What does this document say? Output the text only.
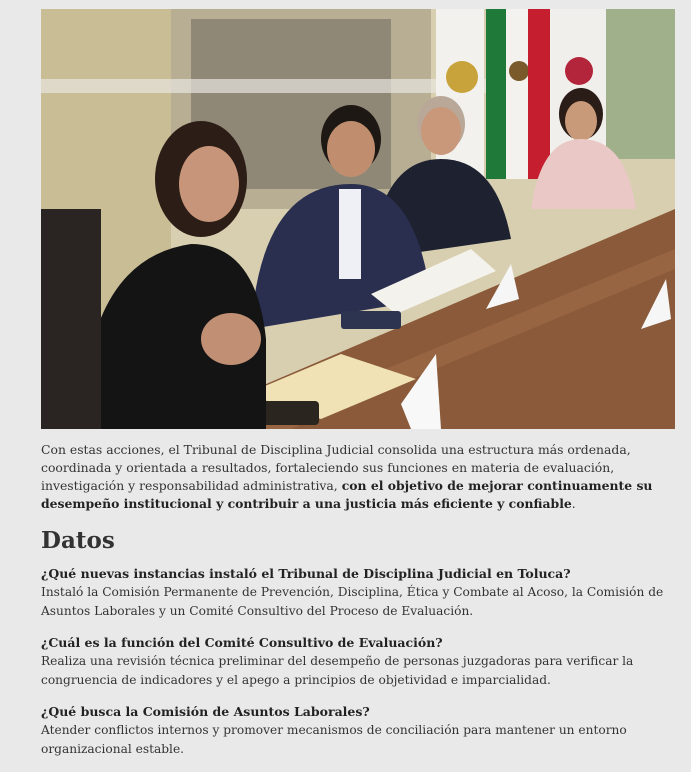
Con estas acciones, el Tribunal de Disciplina Judicial consolida una estructura más ordenada, coordinada y orientada a resultados, fortaleciendo sus funciones en materia de evaluación, investigación y responsabilidad administrativa, con el objetivo de mejorar continuamente su desempeño institucional y contribuir a una justicia más eficiente y confiable.

Datos

¿Qué nuevas instancias instaló el Tribunal de Disciplina Judicial en Toluca?

Instaló la Comisión Permanente de Prevención, Disciplina, Ética y Combate al Acoso, la Comisión de Asuntos Laborales y un Comité Consultivo del Proceso de Evaluación.

¿Cuál es la función del Comité Consultivo de Evaluación?

Realiza una revisión técnica preliminar del desempeño de personas juzgadoras para verificar la congruencia de indicadores y el apego a principios de objetividad e imparcialidad.

¿Qué busca la Comisión de Asuntos Laborales?

Atender conflictos internos y promover mecanismos de conciliación para mantener un entorno organizacional estable.
